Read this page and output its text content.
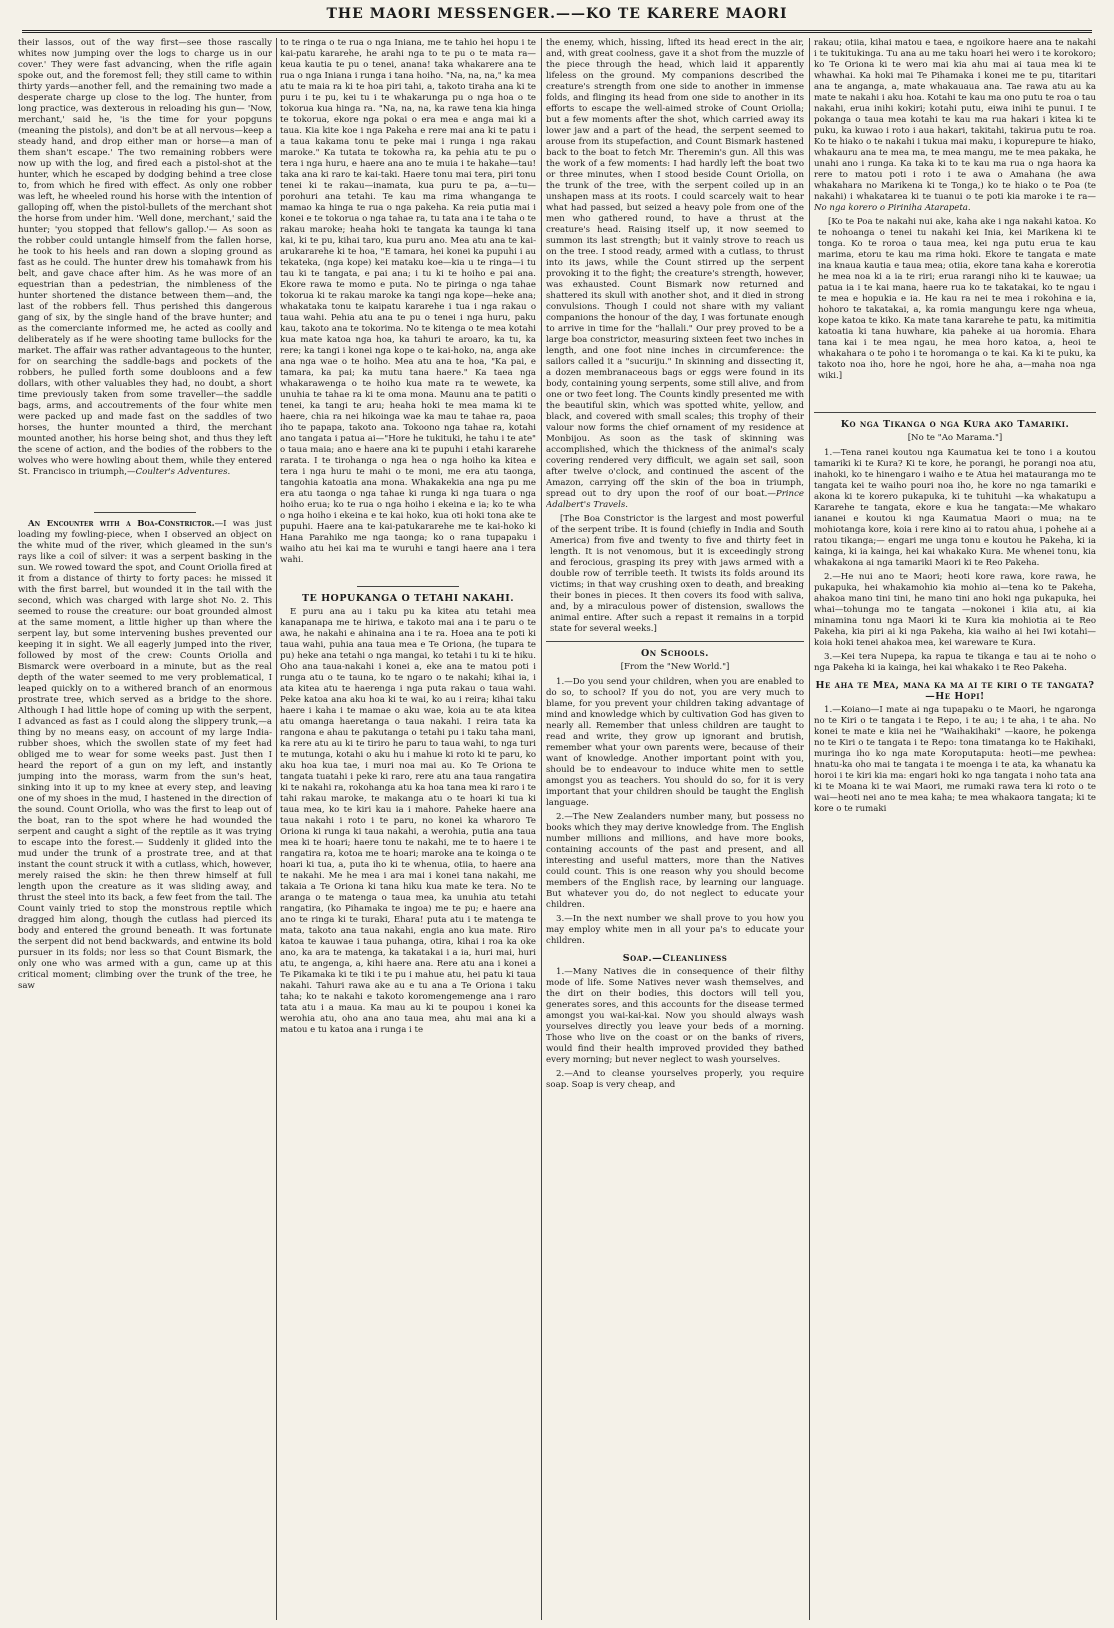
THE MAORI MESSENGER.——KO TE KARERE MAORI

their lassos, out of the way first—see those rascally whites now jumping over the logs to charge us in our cover.' They were fast advancing, when the rifle again spoke out, and the foremost fell; they still came to within thirty yards—another fell, and the remaining two made a desperate charge up close to the log. The hunter, from long practice, was dexterous in reloading his gun— 'Now, merchant,' said he, 'is the time for your popguns (meaning the pistols), and don't be at all nervous—keep a steady hand, and drop either man or horse—a man of them shan't escape.' The two remaining robbers were now up with the log, and fired each a pistol-shot at the hunter, which he escaped by dodging behind a tree close to, from which he fired with effect. As only one robber was left, he wheeled round his horse with the intention of galloping off, when the pistol-bullets of the merchant shot the horse from under him. 'Well done, merchant,' said the hunter; 'you stopped that fellow's gallop.'— As soon as the robber could untangle himself from the fallen horse, he took to his heels and ran down a sloping ground as fast as he could. The hunter drew his tomahawk from his belt, and gave chace after him. As he was more of an equestrian than a pedestrian, the nimbleness of the hunter shortened the distance between them—and, the last of the robbers fell. Thus perished this dangerous gang of six, by the single hand of the brave hunter; and as the comerciante informed me, he acted as coolly and deliberately as if he were shooting tame bullocks for the market. The affair was rather advantageous to the hunter, for on searching the saddle-bags and pockets of the robbers, he pulled forth some doubloons and a few dollars, with other valuables they had, no doubt, a short time previously taken from some traveller—the saddle bags, arms, and accoutrements of the four white men were packed up and made fast on the saddles of two horses, the hunter mounted a third, the merchant mounted another, his horse being shot, and thus they left the scene of action, and the bodies of the robbers to the wolves who were howling about them, while they entered St. Francisco in triumph,—Coulter's Adventures.

An Encounter with a Boa-Constrictor.—I was just loading my fowling-piece, when I observed an object on the white mud of the river, which gleamed in the sun's rays like a coil of silver: it was a serpent basking in the sun. We rowed toward the spot, and Count Oriolla fired at it from a distance of thirty to forty paces: he missed it with the first barrel, but wounded it in the tail with the second, which was charged with large shot No. 2. This seemed to rouse the creature: our boat grounded almost at the same moment, a little higher up than where the serpent lay, but some intervening bushes prevented our keeping it in sight. We all eagerly jumped into the river, followed by most of the crew: Counts Oriolla and Bismarck were overboard in a minute, but as the real depth of the water seemed to me very problematical, I leaped quickly on to a withered branch of an enormous prostrate tree, which served as a bridge to the shore. Although I had little hope of coming up with the serpent, I advanced as fast as I could along the slippery trunk,—a thing by no means easy, on account of my large India-rubber shoes, which the swollen state of my feet had obliged me to wear for some weeks past. Just then I heard the report of a gun on my left, and instantly jumping into the morass, warm from the sun's heat, sinking into it up to my knee at every step, and leaving one of my shoes in the mud, I hastened in the direction of the sound. Count Oriolla, who was the first to leap out of the boat, ran to the spot where he had wounded the serpent and caught a sight of the reptile as it was trying to escape into the forest.— Suddenly it glided into the mud under the trunk of a prostrate tree, and at that instant the count struck it with a cutlass, which, however, merely raised the skin: he then threw himself at full length upon the creature as it was sliding away, and thrust the steel into its back, a few feet from the tail. The Count vainly tried to stop the monstrous reptile which dragged him along, though the cutlass had pierced its body and entered the ground beneath. It was fortunate the serpent did not bend backwards, and entwine its bold pursuer in its folds; nor less so that Count Bismark, the only one who was armed with a gun, came up at this critical moment; climbing over the trunk of the tree, he saw

to te ringa o te rua o nga Iniana, me te tahio hei hopu i te kai-patu kararehe, he arahi nga to te pu o te mata ra—keua kautia te pu o tenei, anana! taka whakarere ana te rua o nga Iniana i runga i tana hoiho. "Na, na, na," ka mea atu te maia ra ki te hoa piri tahi, a, takoto tiraha ana ki te puru i te pu, kei tu i te whakarunga pu o nga hoa o te tokorua kua hinga ra. "Na, na, na, ka rawe tena kia hinga te tokorua, ekore nga pokai o era mea e anga mai ki a taua. Kia kite koe i nga Pakeha e rere mai ana ki te patu i a taua kakama tonu te peke mai i runga i nga rakau maroke." Ka tutata te tokowha ra, ka pehia atu te pu o tera i nga huru, e haere ana ano te muia i te hakahe—tau! taka ana ki raro te kai-taki. Haere tonu mai tera, piri tonu tenei ki te rakau—inamata, kua puru te pa, a—tu—porohuri ana tetahi. Te kau ma rima whanganga te mamao ka hinga te rua o nga pakeha. Ka reia putia mai i konei e te tokorua o nga tahae ra, tu tata ana i te taha o te rakau maroke; heaha hoki te tangata ka taunga ki tana kai, ki te pu, kihai taro, kua puru ano. Mea atu ana te kai-arukararehe ki te hoa, "E tamara, hei konei ka pupuhi i au tekateka, (nga kope) kei mataku koe—kia u te ringa—i tu tau ki te tangata, e pai ana; i tu ki te hoiho e pai ana. Ekore rawa te momo e puta. No te piringa o nga tahae tokorua ki te rakau maroke ka tangi nga kope—heke ana; whakataka tonu te kaipatu kararehe i tua i nga rakau o taua wahi. Pehia atu ana te pu o tenei i nga huru, paku kau, takoto ana te tokorima. No te kitenga o te mea kotahi kua mate katoa nga hoa, ka tahuri te aroaro, ka tu, ka rere; ka tangi i konei nga kope o te kai-hoko, na, anga ake ana nga wae o te hoiho. Mea atu ana te hoa, "Ka pai, e tamara, ka pai; ka mutu tana haere." Ka taea nga whakarawenga o te hoiho kua mate ra te wewete, ka unuhia te tahae ra ki te oma mona. Maunu ana te patiti o tenei, ka tangi te aru; heaha hoki te mea mama ki te haere, chia ra nei hikoinga wae ka mau te tahae ra, paoa iho te papapa, takoto ana. Tokoono nga tahae ra, kotahi ano tangata i patua ai—"Hore he tukituki, he tahu i te ate" o taua maia; ano e haere ana ki te pupuhi i etahi kararehe rarata. I te tirohanga o nga hea o nga hoiho ka kitea e tera i nga huru te mahi o te moni, me era atu taonga, tangohia katoatia ana mona. Whakakekia ana nga pu me era atu taonga o nga tahae ki runga ki nga tuara o nga hoiho erua; ko te rua o nga hoiho i ekeina e ia; ko te wha o nga hoiho i ekeina e te kai hoko, kua oti hoki tona ake te pupuhi. Haere ana te kai-patukararehe me te kai-hoko ki Hana Parahiko me nga taonga; ko o rana tupapaku i waiho atu hei kai ma te wuruhi e tangi haere ana i tera wahi.

TE HOPUKANGA O TETAHI NAKAHI.

E puru ana au i taku pu ka kitea atu tetahi mea kanapanapa me te hiriwa, e takoto mai ana i te paru o te awa, he nakahi e ahinaina ana i te ra. Hoea ana te poti ki taua wahi, puhia ana taua mea e Te Oriona, (he tupara te pu) heke ana tetahi o nga mangai, ko tetahi i tu ki te hiku. Oho ana taua-nakahi i konei a, eke ana te matou poti i runga atu o te tauna, ko te ngaro o te nakahi; kihai ia, i ata kitea atu te haerenga i nga puta rakau o taua wahi. Peke katoa ana aku hoa ki te wai, ko au i reira; kihai taku haere i kaha i te mamae o aku wae, koia au te ata kitea atu omanga haeretanga o taua nakahi. I reira tata ka rangona e ahau te pakutanga o tetahi pu i taku taha mani, ka rere atu au ki te tiriro he paru to taua wahi, to nga turi te mutunga, kotahi o aku hu i mahue ki roto ki te paru, ko aku hoa kua tae, i muri noa mai au. Ko Te Oriona te tangata tuatahi i peke ki raro, rere atu ana taua rangatira ki te nakahi ra, rokohanga atu ka hoa tana mea ki raro i te tahi rakau maroke, te makanga atu o te hoari ki tua ki taua mea, ko te kiri kau ia i mahore. Paheke haere ana taua nakahi i roto i te paru, no konei ka wharoro Te Oriona ki runga ki taua nakahi, a werohia, putia ana taua mea ki te hoari; haere tonu te nakahi, me te to haere i te rangatira ra, kotoa me te hoari; maroke ana te koinga o te hoari ki tua, a, puta iho ki te whenua, otiia, to haere ana te nakahi. Me he mea i ara mai i konei tana nakahi, me takaia a Te Oriona ki tana hiku kua mate ke tera. No te aranga o te matenga o taua mea, ka unuhia atu tetahi rangatira, (ko Pihamaka te ingoa) me te pu; e haere ana ano te ringa ki te turaki, Ehara! puta atu i te matenga te mata, takoto ana taua nakahi, engia ano kua mate. Riro katoa te kauwae i taua puhanga, otira, kihai i roa ka oke ano, ka ara te matenga, ka takatakai i a ia, huri mai, huri atu, te angenga, a, kihi haere ana. Rere atu ana i konei a Te Pikamaka ki te tiki i te pu i mahue atu, hei patu ki taua nakahi. Tahuri rawa ake au e tu ana a Te Oriona i taku taha; ko te nakahi e takoto koromengemenge ana i raro tata atu i a maua. Ka mau au ki te poupou i konei ka werohia atu, oho ana ano taua mea, ahu mai ana ki a matou e tu katoa ana i runga i te

the enemy, which, hissing, lifted its head erect in the air, and, with great coolness, gave it a shot from the muzzle of the piece through the head, which laid it apparently lifeless on the ground. My companions described the creature's strength from one side to another in immense folds, and flinging its head from one side to another in its efforts to escape the well-aimed stroke of Count Oriolla; but a few moments after the shot, which carried away its lower jaw and a part of the head, the serpent seemed to arouse from its stupefaction, and Count Bismark hastened back to the boat to fetch Mr. Theremin's gun. All this was the work of a few moments: I had hardly left the boat two or three minutes, when I stood beside Count Oriolla, on the trunk of the tree, with the serpent coiled up in an unshapen mass at its roots. I could scarcely wait to hear what had passed, but seized a heavy pole from one of the men who gathered round, to have a thrust at the creature's head. Raising itself up, it now seemed to summon its last strength; but it vainly strove to reach us on the tree. I stood ready, armed with a cutlass, to thrust into its jaws, while the Count stirred up the serpent provoking it to the fight; the creature's strength, however, was exhausted. Count Bismark now returned and shattered its skull with another shot, and it died in strong convulsions. Though I could not share with my valiant companions the honour of the day, I was fortunate enough to arrive in time for the "hallali." Our prey proved to be a large boa constrictor, measuring sixteen feet two inches in length, and one foot nine inches in circumference: the sailors called it a "sucuriju." In skinning and dissecting it, a dozen membranaceous bags or eggs were found in its body, containing young serpents, some still alive, and from one or two feet long. The Counts kindly presented me with the beautiful skin, which was spotted white, yellow, and black, and covered with small scales; this trophy of their valour now forms the chief ornament of my residence at Monbijou. As soon as the task of skinning was accomplished, which the thickness of the animal's scaly covering rendered very difficult, we again set sail, soon after twelve o'clock, and continued the ascent of the Amazon, carrying off the skin of the boa in triumph, spread out to dry upon the roof of our boat.—Prince Adalbert's Travels.

[The Boa Constrictor is the largest and most powerful of the serpent tribe. It is found (chiefly in India and South America) from five and twenty to five and thirty feet in length. It is not venomous, but it is exceedingly strong and ferocious, grasping its prey with jaws armed with a double row of terrible teeth. It twists its folds around its victims; in that way crushing oxen to death, and breaking their bones in pieces. It then covers its food with saliva, and, by a miraculous power of distension, swallows the animal entire. After such a repast it remains in a torpid state for several weeks.]

On Schools.
[From the "New World."]

1.—Do you send your children, when you are enabled to do so, to school? If you do not, you are very much to blame, for you prevent your children taking advantage of mind and knowledge which by cultivation God has given to nearly all. Remember that unless children are taught to read and write, they grow up ignorant and brutish, remember what your own parents were, because of their want of knowledge. Another important point with you, should be to endeavour to induce white men to settle amongst you as teachers. You should do so, for it is very important that your children should be taught the English language.

2.—The New Zealanders number many, but possess no books which they may derive knowledge from. The English number millions and millions, and have more books, containing accounts of the past and present, and all interesting and useful matters, more than the Natives could count. This is one reason why you should become members of the English race, by learning our language. But whatever you do, do not neglect to educate your children.

3.—In the next number we shall prove to you how you may employ white men in all your pa's to educate your children.

Soap.—Cleanliness

1.—Many Natives die in consequence of their filthy mode of life. Some Natives never wash themselves, and the dirt on their bodies, this doctors will tell you, generates sores, and this accounts for the disease termed amongst you wai-kai-kai. Now you should always wash yourselves directly you leave your beds of a morning. Those who live on the coast or on the banks of rivers, would find their health improved provided they bathed every morning; but never neglect to wash yourselves.

2.—And to cleanse yourselves properly, you require soap. Soap is very cheap, and

rakau; otiia, kihai matou e taea, e ngoikore haere ana te nakahi i te tukitukinga. Tu ana au me taku hoari hei wero i te korokoro; ko Te Oriona ki te wero mai kia ahu mai ai taua mea ki te whawhai. Ka hoki mai Te Pihamaka i konei me te pu, titaritari ana te anganga, a, mate whakauaua ana. Tae rawa atu au ka mate te nakahi i aku hoa. Kotahi te kau ma ono putu te roa o tau nakahi, erua inihi kokiri; kotahi putu, eiwa inihi te punui. I te pokanga o taua mea kotahi te kau ma rua hakari i kitea ki te puku, ka kuwao i roto i aua hakari, takitahi, takirua putu te roa. Ko te hiako o te nakahi i tukua mai maku, i kopurepure te hiako, whakauru ana te mea ma, te mea mangu, me te mea pakaka, he unahi ano i runga. Ka taka ki to te kau ma rua o nga haora ka rere to matou poti i roto i te awa o Amahana (he awa whakahara no Marikena ki te Tonga,) ko te hiako o te Poa (te nakahi) i whakatarea ki te tuanui o te poti kia maroke i te ra—No nga korero o Piriniha Atarapeta.

[Ko te Poa te nakahi nui ake, kaha ake i nga nakahi katoa. Ko te nohoanga o tenei tu nakahi kei Inia, kei Marikena ki te tonga. Ko te roroa o taua mea, kei nga putu erua te kau marima, etoru te kau ma rima hoki. Ekore te tangata e mate ina knaua kautia e taua mea; otiia, ekore tana kaha e korerotia he mea noa ki a ia te riri; erua rarangi niho ki te kauwae; ua patua ia i te kai mana, haere rua ko te takatakai, ko te ngau i te mea e hopukia e ia. He kau ra nei te mea i rokohina e ia, hohoro te takatakai, a, ka romia mangungu kere nga wheua, kope katoa te kiko. Ka mate tana kararehe te patu, ka mitimitia katoatia ki tana huwhare, kia paheke ai ua horomia. Ehara tana kai i te mea ngau, he mea horo katoa, a, heoi te whakahara o te poho i te horomanga o te kai. Ka ki te puku, ka takoto noa iho, hore he ngoi, hore he aha, a—maha noa nga wiki.]

Ko nga Tikanga o nga Kura ako Tamariki.
[No te "Ao Marama."]

1.—Tena ranei koutou nga Kaumatua kei te tono i a koutou tamariki ki te Kura? Ki te kore, he porangi, he porangi noa atu, inahoki, ko te hinengaro i waiho e te Atua hei matauranga mo te tangata kei te waiho pouri noa iho, he kore no nga tamariki e akona ki te korero pukapuka, ki te tuhituhi —ka whakatupu a Kararehe te tangata, ekore e kua he tangata:—Me whakaro iananei e koutou ki nga Kaumatua Maori o mua; na te mohiotanga kore, koia i rere kino ai to ratou ahua, i pohehe ai a ratou tikanga;— engari me unga tonu e koutou he Pakeha, ki ia kainga, ki ia kainga, hei kai whakako Kura. Me whenei tonu, kia whakakona ai nga tamariki Maori ki te Reo Pakeha.

2.—He nui ano te Maori; heoti kore rawa, kore rawa, he pukapuka, hei whakamohio kia mohio ai—tena ko te Pakeha, ahakoa mano tini tini, he mano tini ano hoki nga pukapuka, hei whai—tohunga mo te tangata —nokonei i kiia atu, ai kia minamina tonu nga Maori ki te Kura kia mohiotia ai te Reo Pakeha, kia piri ai ki nga Pakeha, kia waiho ai hei Iwi kotahi—koia hoki tenei ahakoa mea, kei wareware te Kura.

3.—Kei tera Nupepa, ka rapua te tikanga e tau ai te noho o nga Pakeha ki ia kainga, hei kai whakako i te Reo Pakeha.

He aha te Mea, mana ka ma ai te kiri o te tangata?—He Hopi!

1.—Koiano—I mate ai nga tupapaku o te Maori, he ngaronga no te Kiri o te tangata i te Repo, i te au; i te aha, i te aha. No konei te mate e kiia nei he "Waihakihaki" —kaore, he pokenga no te Kiri o te tangata i te Repo: tona timatanga ko te Hakihaki, muringa iho ko nga mate Koroputaputa: heoti—me pewhea: hnatu-ka oho mai te tangata i te moenga i te ata, ka whanatu ka horoi i te kiri kia ma: engari hoki ko nga tangata i noho tata ana ki te Moana ki te wai Maori, me rumaki rawa tera ki roto o te wai—heoti nei ano te mea kaha; te mea whakaora tangata; ki te kore o te rumaki
